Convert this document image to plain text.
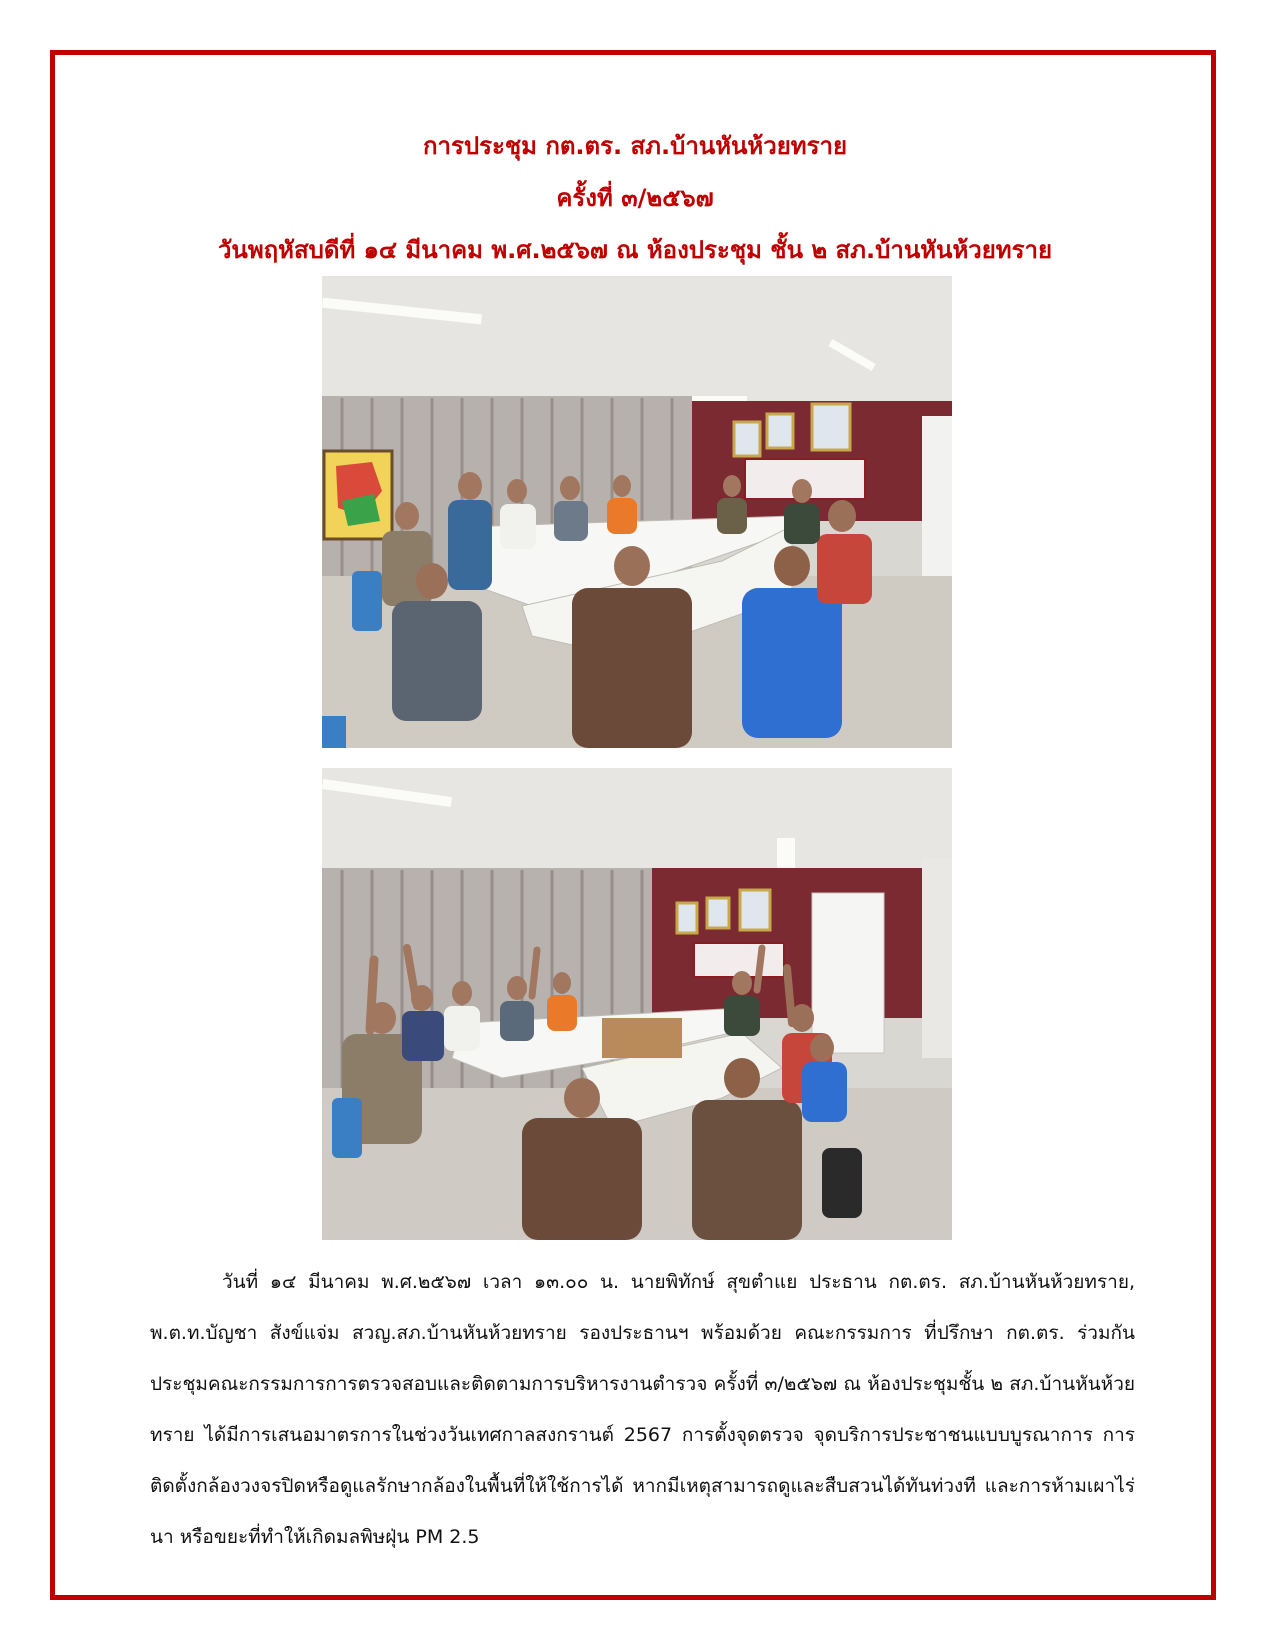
การประชุม กต.ตร. สภ.บ้านหันห้วยทราย
ครั้งที่ ๓/๒๕๖๗
วันพฤหัสบดีที่ ๑๔ มีนาคม พ.ศ.๒๕๖๗ ณ ห้องประชุม ชั้น ๒ สภ.บ้านหันห้วยทราย
วันที่ ๑๔ มีนาคม พ.ศ.๒๕๖๗ เวลา ๑๓.๐๐ น. นายพิทักษ์ สุขตำแย ประธาน กต.ตร. สภ.บ้านหันห้วยทราย, พ.ต.ท.บัญชา สังข์แจ่ม สวญ.สภ.บ้านหันห้วยทราย รองประธานฯ พร้อมด้วย คณะกรรมการ ที่ปรึกษา กต.ตร. ร่วมกันประชุมคณะกรรมการการตรวจสอบและติดตามการบริหารงานตำรวจ ครั้งที่ ๓/๒๕๖๗ ณ ห้องประชุมชั้น ๒ สภ.บ้านหันห้วยทราย ได้มีการเสนอมาตรการในช่วงวันเทศกาลสงกรานต์ 2567 การตั้งจุดตรวจ จุดบริการประชาชนแบบบูรณาการ การติดตั้งกล้องวงจรปิดหรือดูแลรักษากล้องในพื้นที่ให้ใช้การได้ หากมีเหตุสามารถดูและสืบสวนได้ทันท่วงที และการห้ามเผาไร่ นา หรือขยะที่ทำให้เกิดมลพิษฝุ่น PM 2.5
